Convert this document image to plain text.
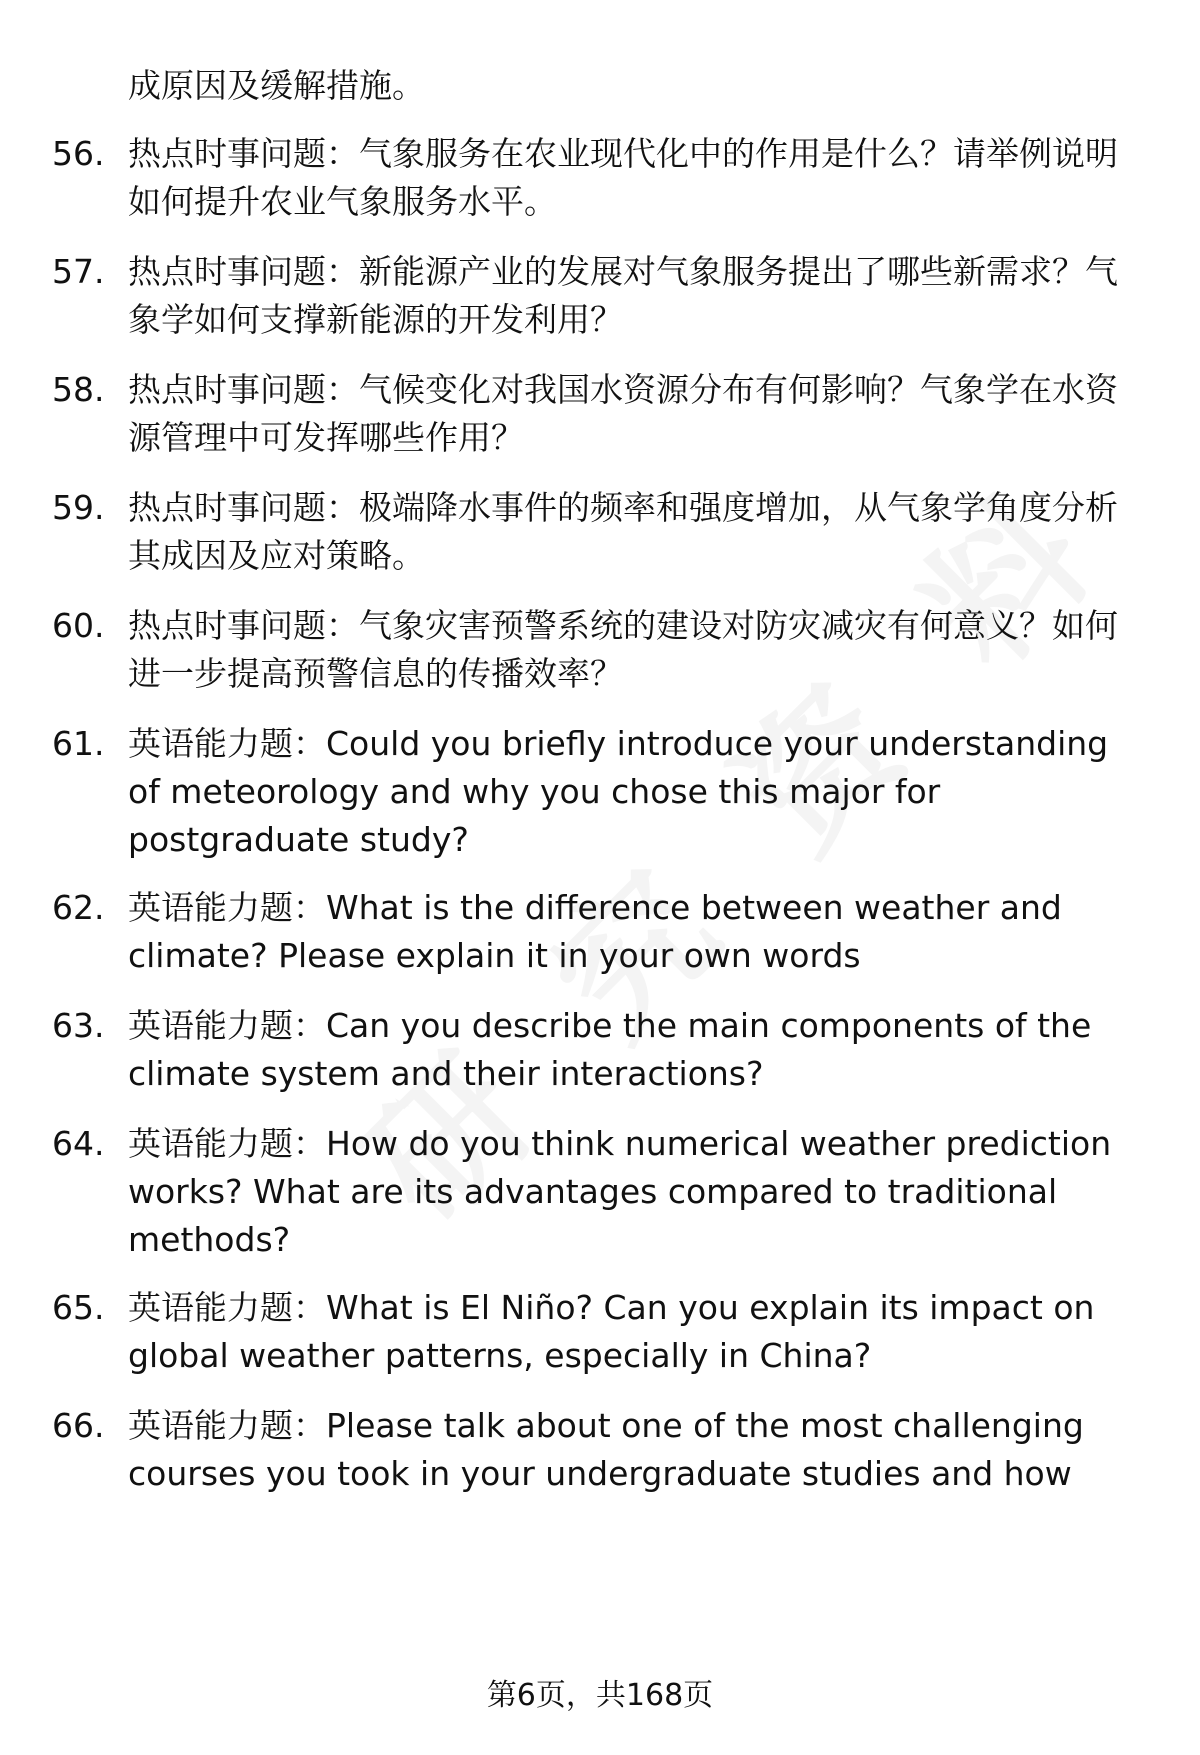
成原因及缓解措施。
56. 热点时事问题：气象服务在农业现代化中的作用是什么？请举例说明如何提升农业气象服务水平。
57. 热点时事问题：新能源产业的发展对气象服务提出了哪些新需求？气象学如何支撑新能源的开发利用？
58. 热点时事问题：气候变化对我国水资源分布有何影响？气象学在水资源管理中可发挥哪些作用？
59. 热点时事问题：极端降水事件的频率和强度增加，从气象学角度分析其成因及应对策略。
60. 热点时事问题：气象灾害预警系统的建设对防灾减灾有何意义？如何进一步提高预警信息的传播效率？
61. 英语能力题：Could you briefly introduce your understanding of meteorology and why you chose this major for postgraduate study?
62. 英语能力题：What is the difference between weather and climate? Please explain it in your own words
63. 英语能力题：Can you describe the main components of the climate system and their interactions?
64. 英语能力题：How do you think numerical weather prediction works? What are its advantages compared to traditional methods?
65. 英语能力题：What is El Niño? Can you explain its impact on global weather patterns, especially in China?
66. 英语能力题：Please talk about one of the most challenging courses you took in your undergraduate studies and how
第6页，共168页
